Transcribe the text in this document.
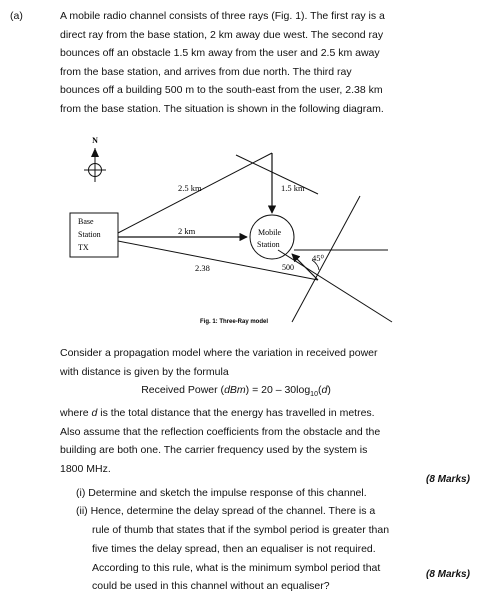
(a)	A mobile radio channel consists of three rays (Fig. 1). The first ray is a

direct ray from the base station, 2 km away due west. The second ray

bounces off an obstacle 1.5 km away from the user and 2.5 km away

from the base station, and arrives from due north. The third ray

bounces off a building 500 m to the south-east from the user, 2.38 km

from the base station. The situation is shown in the following diagram.

N
Base
Station
TX
Mobile
Station
2.5 km	1.5 km
2 km
2.38	500
45⁰
Fig. 1: Three-Ray model

Consider a propagation model where the variation in received power

with distance is given by the formula

Received Power $(dBm) = 20 - 30\log_{10}(d)$

where d is the total distance that the energy has travelled in metres.

Also assume that the reflection coefficients from the obstacle and the

building are both one. The carrier frequency used by the system is

1800 MHz.

(8 Marks)
(i) Determine and sketch the impulse response of this channel.
(ii) Hence, determine the delay spread of the channel. There is a
rule of thumb that states that if the symbol period is greater than
five times the delay spread, then an equaliser is not required.
According to this rule, what is the minimum symbol period that
could be used in this channel without an equaliser?
(8 Marks)
